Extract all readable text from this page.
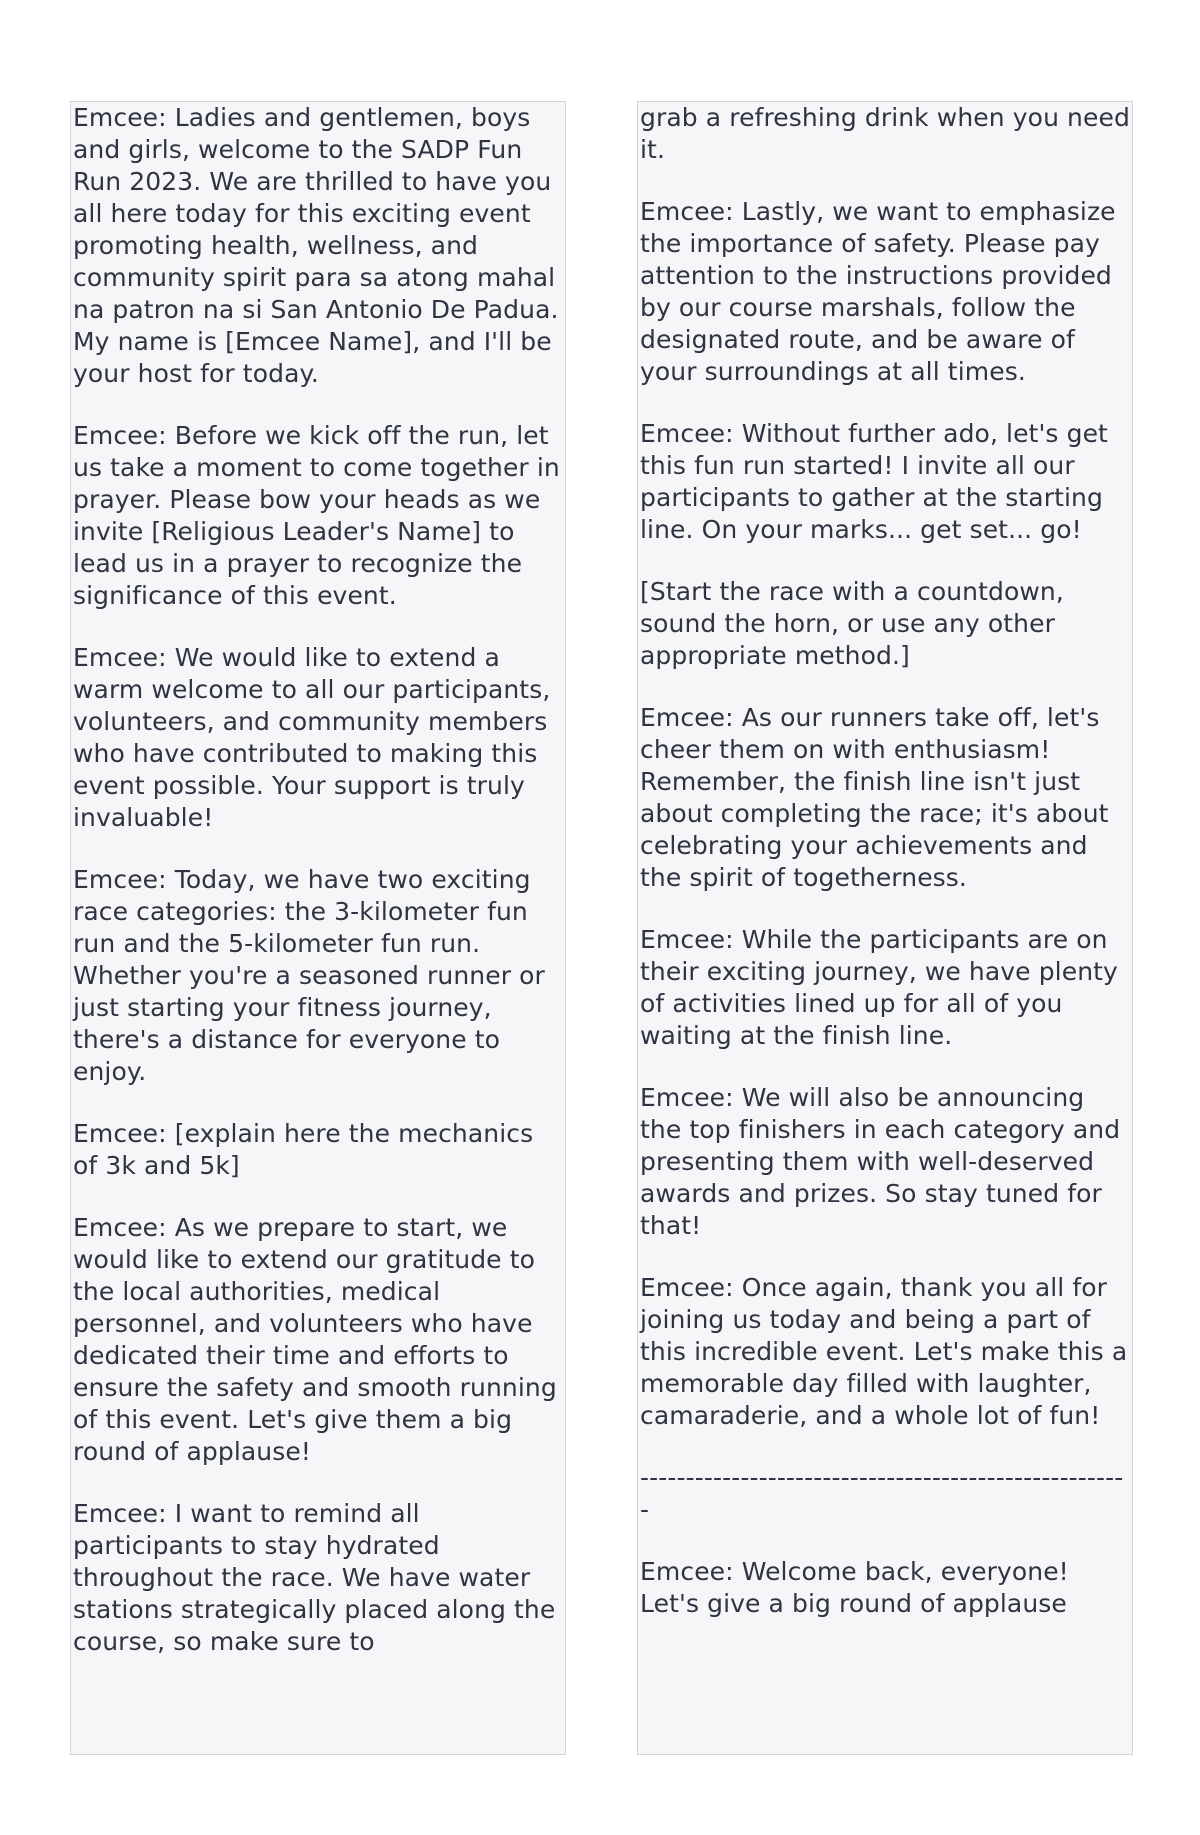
Emcee: Ladies and gentlemen, boys and girls, welcome to the SADP Fun Run 2023. We are thrilled to have you all here today for this exciting event promoting health, wellness, and community spirit para sa atong mahal na patron na si San Antonio De Padua. My name is [Emcee Name], and I'll be your host for today.

Emcee: Before we kick off the run, let us take a moment to come together in prayer. Please bow your heads as we invite [Religious Leader's Name] to lead us in a prayer to recognize the significance of this event.

Emcee: We would like to extend a warm welcome to all our participants, volunteers, and community members who have contributed to making this event possible. Your support is truly invaluable!

Emcee: Today, we have two exciting race categories: the 3-kilometer fun run and the 5-kilometer fun run. Whether you're a seasoned runner or just starting your fitness journey, there's a distance for everyone to enjoy.

Emcee: [explain here the mechanics of 3k and 5k]

Emcee: As we prepare to start, we would like to extend our gratitude to the local authorities, medical personnel, and volunteers who have dedicated their time and efforts to ensure the safety and smooth running of this event. Let's give them a big round of applause!

Emcee: I want to remind all participants to stay hydrated throughout the race. We have water stations strategically placed along the course, so make sure to

grab a refreshing drink when you need it.

Emcee: Lastly, we want to emphasize the importance of safety. Please pay attention to the instructions provided by our course marshals, follow the designated route, and be aware of your surroundings at all times.

Emcee: Without further ado, let's get this fun run started! I invite all our participants to gather at the starting line. On your marks... get set... go!

[Start the race with a countdown, sound the horn, or use any other appropriate method.]

Emcee: As our runners take off, let's cheer them on with enthusiasm! Remember, the finish line isn't just about completing the race; it's about celebrating your achievements and the spirit of togetherness.

Emcee: While the participants are on their exciting journey, we have plenty of activities lined up for all of you waiting at the finish line.

Emcee: We will also be announcing the top finishers in each category and presenting them with well-deserved awards and prizes. So stay tuned for that!

Emcee: Once again, thank you all for joining us today and being a part of this incredible event. Let's make this a memorable day filled with laughter, camaraderie, and a whole lot of fun!

------------------------------------------------------

Emcee: Welcome back, everyone! Let's give a big round of applause
